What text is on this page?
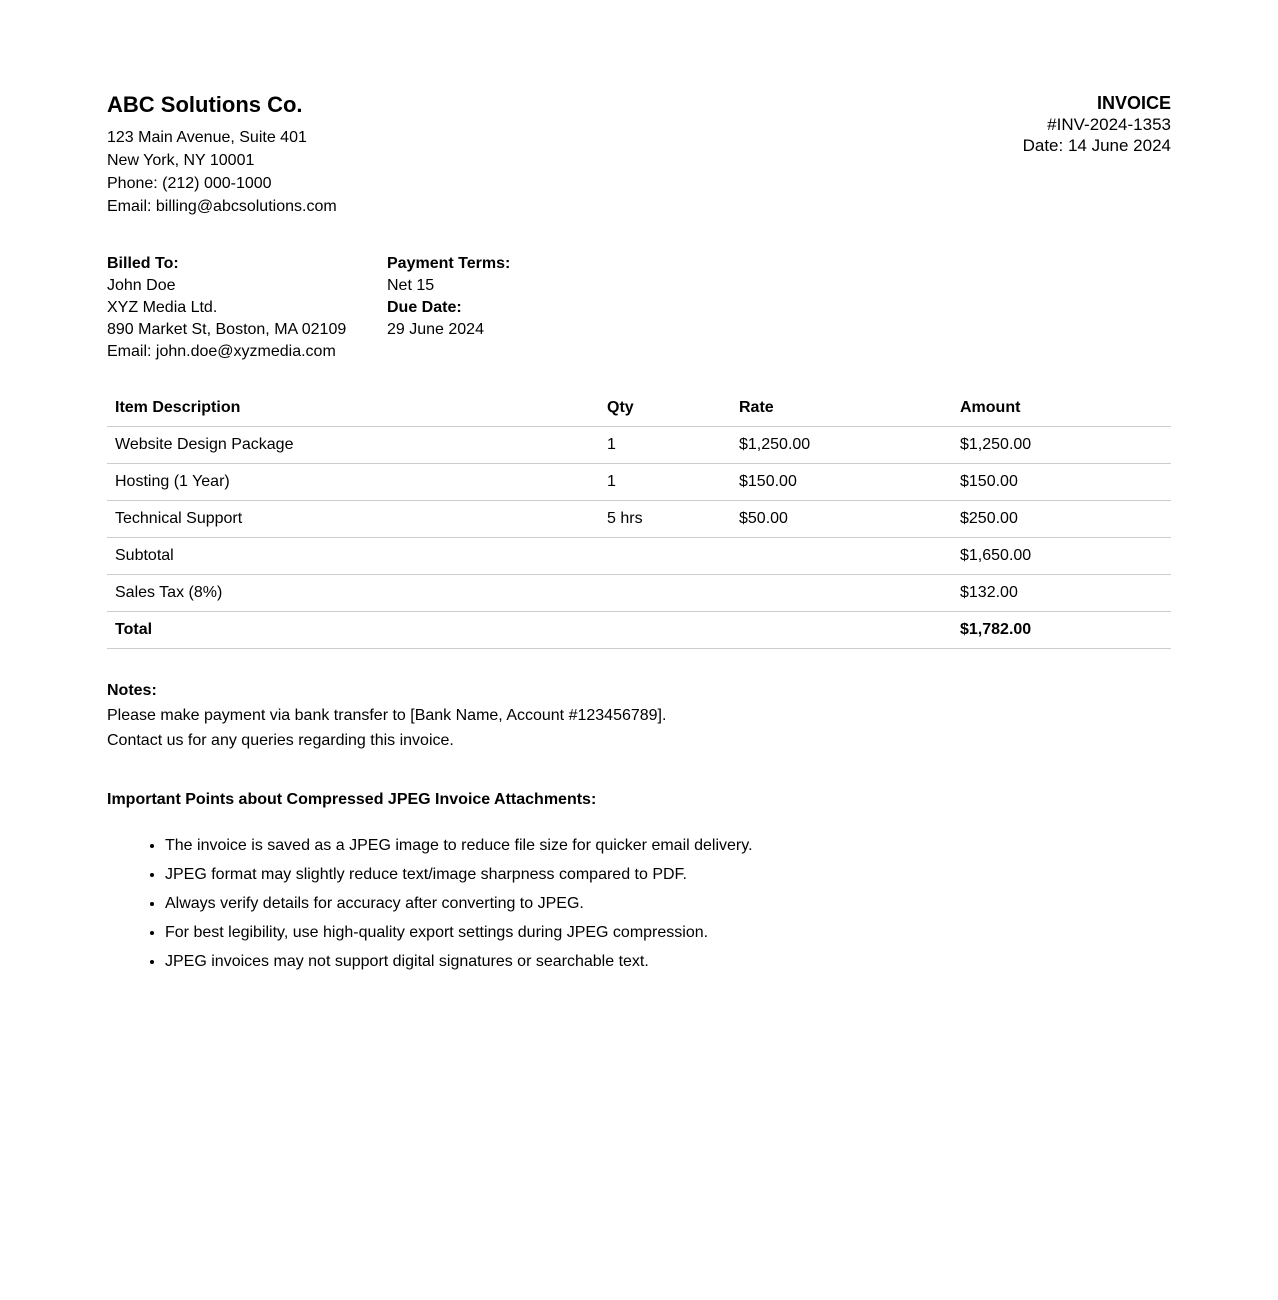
ABC Solutions Co.
123 Main Avenue, Suite 401
New York, NY 10001
Phone: (212) 000-1000
Email: billing@abcsolutions.com
INVOICE
#INV-2024-1353
Date: 14 June 2024
Billed To:
John Doe
XYZ Media Ltd.
890 Market St, Boston, MA 02109
Email: john.doe@xyzmedia.com
Payment Terms:
Net 15
Due Date:
29 June 2024
Item Description	Qty	Rate	Amount
Website Design Package	1	$1,250.00	$1,250.00
Hosting (1 Year)	1	$150.00	$150.00
Technical Support	5 hrs	$50.00	$250.00
Subtotal			$1,650.00
Sales Tax (8%)			$132.00
Total			$1,782.00
Notes:
Please make payment via bank transfer to [Bank Name, Account #123456789].
Contact us for any queries regarding this invoice.

Important Points about Compressed JPEG Invoice Attachments:

• The invoice is saved as a JPEG image to reduce file size for quicker email delivery.
• JPEG format may slightly reduce text/image sharpness compared to PDF.
• Always verify details for accuracy after converting to JPEG.
• For best legibility, use high-quality export settings during JPEG compression.
• JPEG invoices may not support digital signatures or searchable text.
